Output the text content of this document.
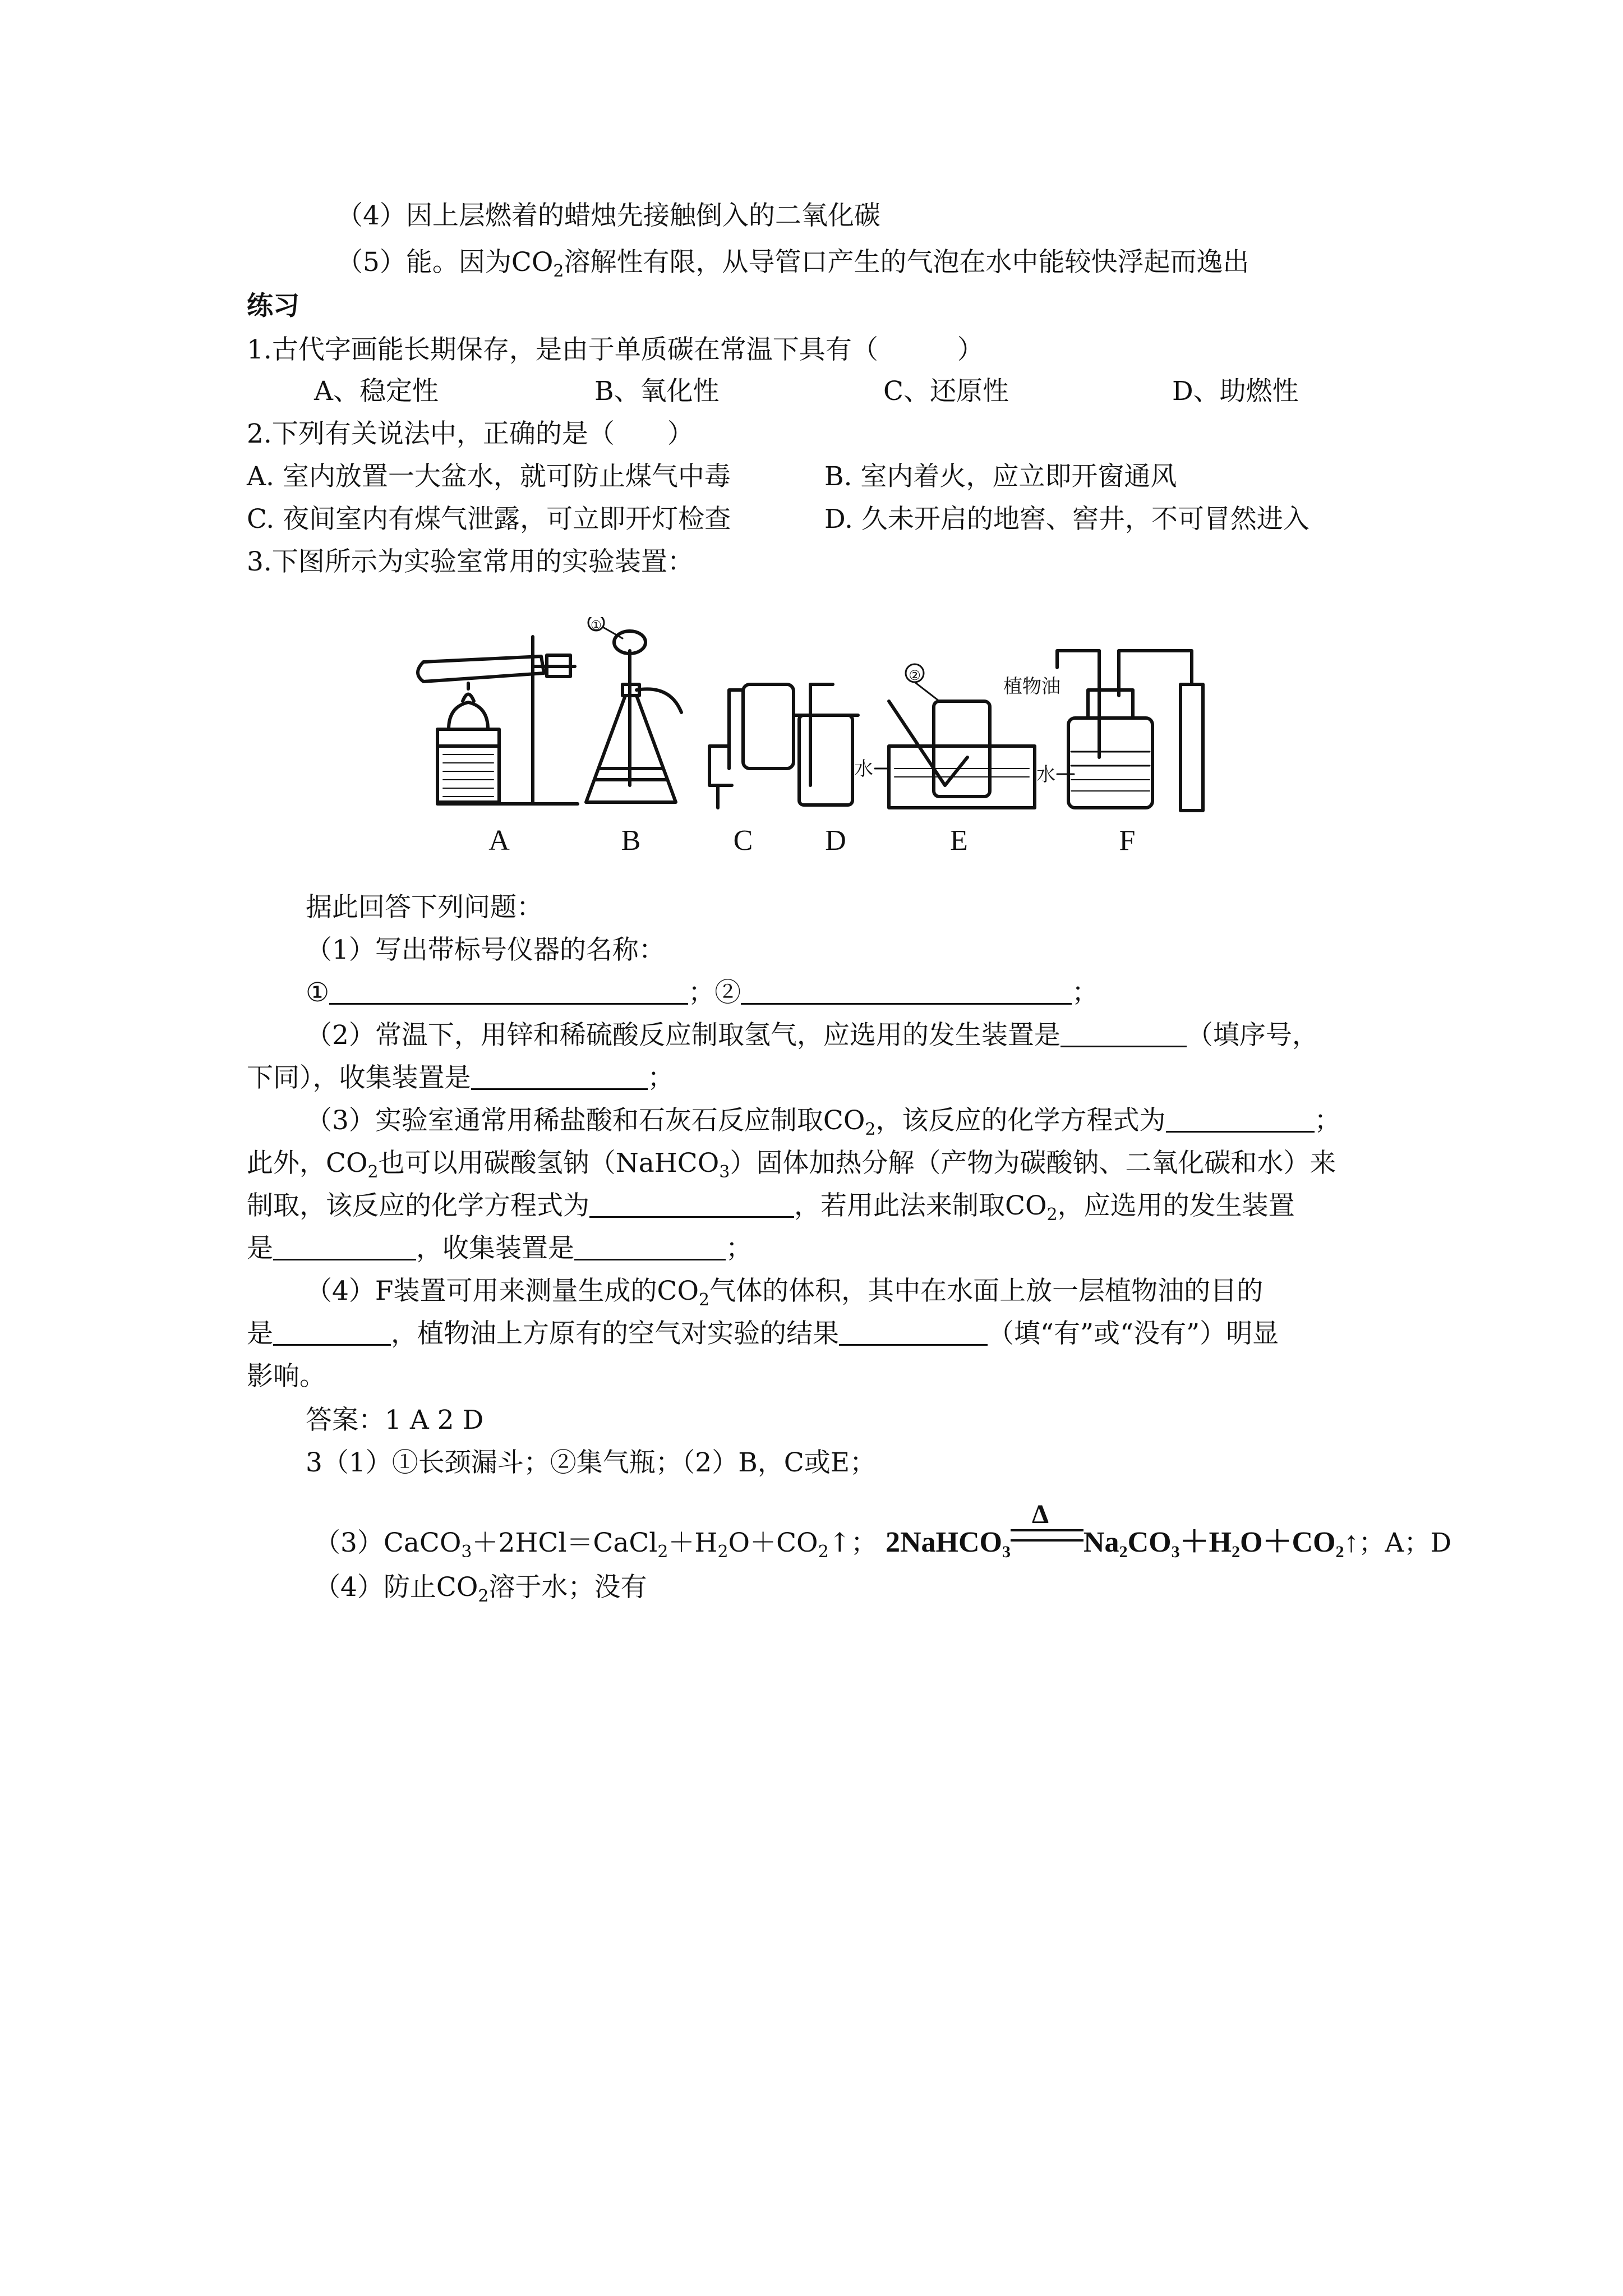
（4）因上层燃着的蜡烛先接触倒入的二氧化碳
（5）能。因为$CO_2$溶解性有限，从导管口产生的气泡在水中能较快浮起而逸出
练习
1.古代字画能长期保存，是由于单质碳在常温下具有（　　　）
A、稳定性	B、氧化性	C、还原性	D、助燃性
2.下列有关说法中，正确的是（　　）
A. 室内放置一大盆水，就可防止煤气中毒	B. 室内着火，应立即开窗通风
C. 夜间室内有煤气泄露，可立即开灯检查	D. 久未开启的地窖、窖井，不可冒然进入
3.下图所示为实验室常用的实验装置：
A	B	C D	E	F
①
②	植物油
水	水
据此回答下列问题：
（1）写出带标号仪器的名称：
①	；②	；
（2）常温下，用锌和稀硫酸反应制取氢气，应选用的发生装置是	（填序号，
下同），收集装置是	；
（3）实验室通常用稀盐酸和石灰石反应制取$CO_2$，该反应的化学方程式为	；
此外，$CO_2$也可以用碳酸氢钠（NaHCO$_3$）固体加热分解（产物为碳酸钠、二氧化碳和水）来
制取，该反应的化学方程式为	，若用此法来制取$CO_2$，应选用的发生装置
是	，收集装置是	；
（4）F装置可用来测量生成的$CO_2$气体的体积，其中在水面上放一层植物油的目的
是	，植物油上方原有的空气对实验的结果	（填“有”或“没有”）明显
影响。
答案：1 A 2 D
3（1）①长颈漏斗；②集气瓶；（2）B，C或E；
$(3)CaCO_3+2HCl=CaCl_2+H_2O+CO_2↑$； 2NaHCO$_3$
Δ
$Na_2CO_3+H_2O+CO_2↑$；A；D
（4）防止$CO_2$溶于水；没有
